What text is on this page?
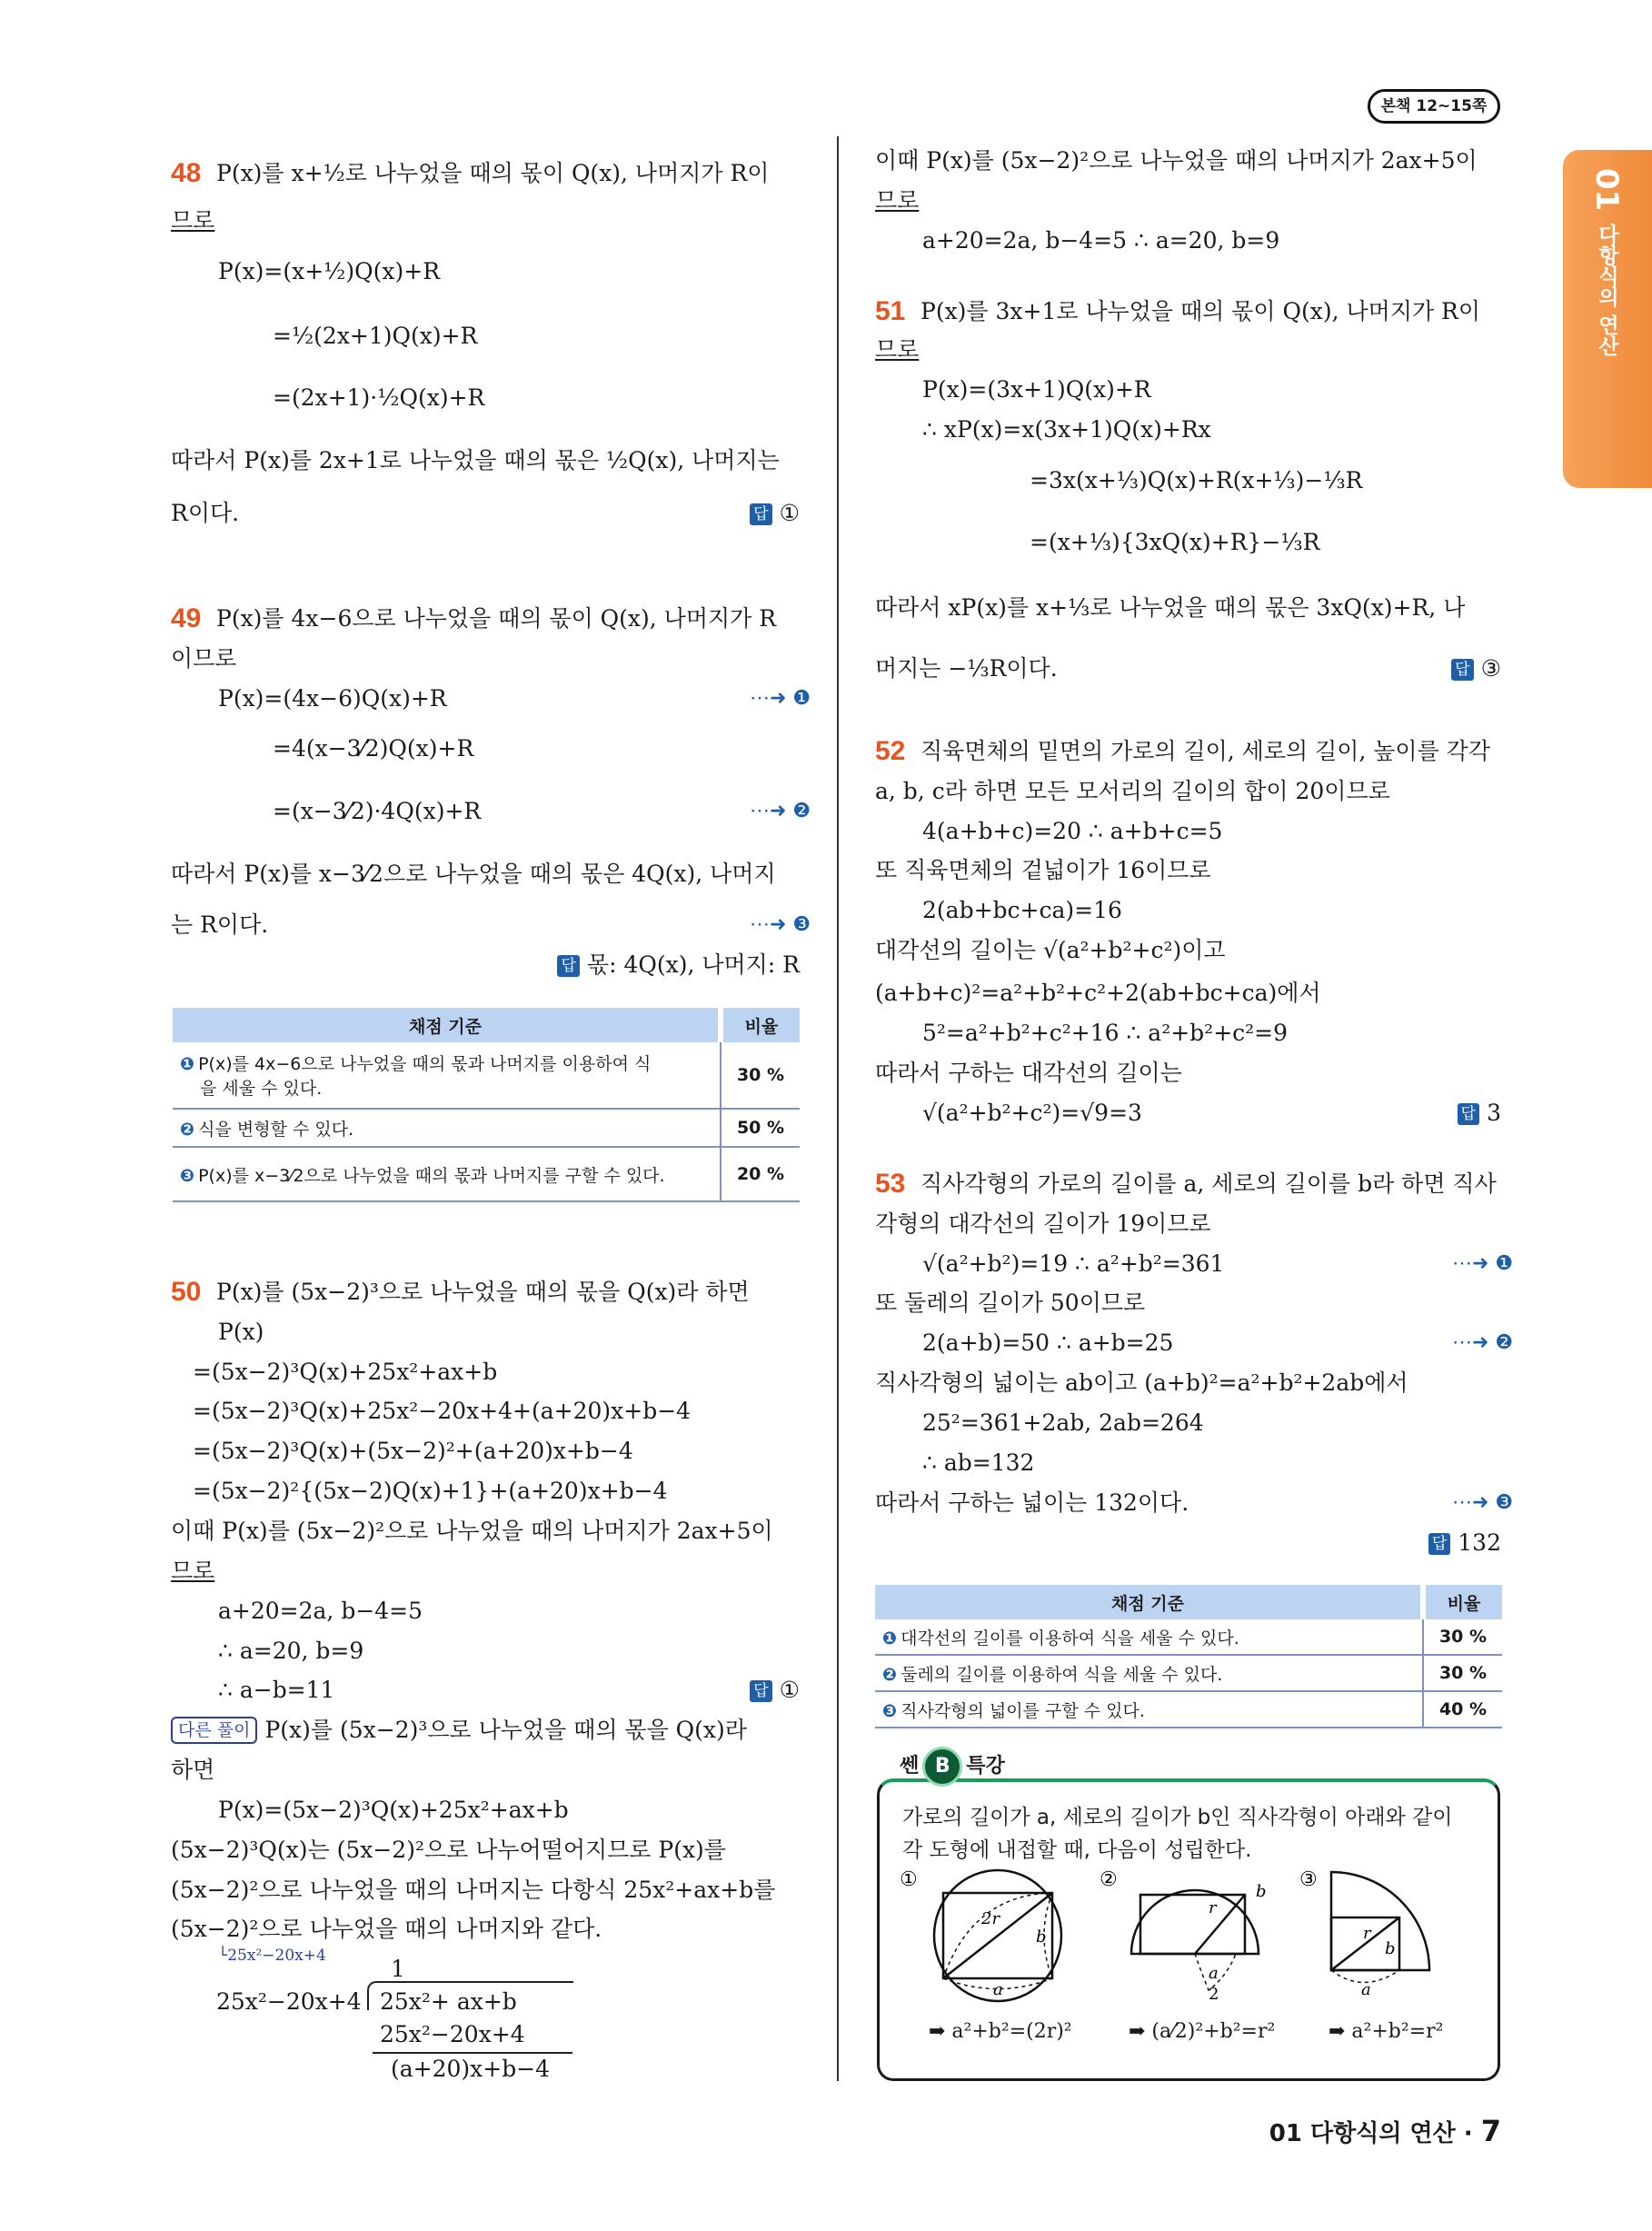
본책 12~15쪽
01다항식의 연산
48 P(x)를 x+½로 나누었을 때의 몫이 Q(x), 나머지가 R이
므로
P(x)=(x+½)Q(x)+R
=½(2x+1)Q(x)+R
=(2x+1)·½Q(x)+R
따라서 P(x)를 2x+1로 나누었을 때의 몫은 ½Q(x), 나머지는
R이다.	답 ①
49 P(x)를 4x−6으로 나누었을 때의 몫이 Q(x), 나머지가 R
이므로
P(x)=(4x−6)Q(x)+R	⋯➜ ❶
=4(x−3⁄2)Q(x)+R
=(x−3⁄2)·4Q(x)+R	⋯➜ ❷
따라서 P(x)를 x−3⁄2으로 나누었을 때의 몫은 4Q(x), 나머지
는 R이다.	⋯➜ ❸
답 몫: 4Q(x), 나머지: R
채점 기준	비율
❶ P(x)를 4x−6으로 나누었을 때의 몫과 나머지를 이용하여 식
을 세울 수 있다.	30 %
❷ 식을 변형할 수 있다.	50 %
❸ P(x)를 x−3⁄2으로 나누었을 때의 몫과 나머지를 구할 수 있다.	20 %
50 P(x)를 (5x−2)³으로 나누었을 때의 몫을 Q(x)라 하면
P(x)
=(5x−2)³Q(x)+25x²+ax+b
=(5x−2)³Q(x)+25x²−20x+4+(a+20)x+b−4
=(5x−2)³Q(x)+(5x−2)²+(a+20)x+b−4
=(5x−2)²{(5x−2)Q(x)+1}+(a+20)x+b−4
이때 P(x)를 (5x−2)²으로 나누었을 때의 나머지가 2ax+5이
므로
a+20=2a, b−4=5
∴ a=20, b=9
∴ a−b=11	답 ①
다른 풀이 P(x)를 (5x−2)³으로 나누었을 때의 몫을 Q(x)라
하면
P(x)=(5x−2)³Q(x)+25x²+ax+b
(5x−2)³Q(x)는 (5x−2)²으로 나누어떨어지므로 P(x)를
(5x−2)²으로 나누었을 때의 나머지는 다항식 25x²+ax+b를
(5x−2)²으로 나누었을 때의 나머지와 같다.
└25x²−20x+4	1
25x²−20x+4 25x²+ ax+b
25x²−20x+4
(a+20)x+b−4
이때 P(x)를 (5x−2)²으로 나누었을 때의 나머지가 2ax+5이
므로
a+20=2a, b−4=5 ∴ a=20, b=9
51 P(x)를 3x+1로 나누었을 때의 몫이 Q(x), 나머지가 R이
므로
P(x)=(3x+1)Q(x)+R
∴ xP(x)=x(3x+1)Q(x)+Rx
=3x(x+⅓)Q(x)+R(x+⅓)−⅓R
=(x+⅓){3xQ(x)+R}−⅓R
따라서 xP(x)를 x+⅓로 나누었을 때의 몫은 3xQ(x)+R, 나
머지는 −⅓R이다.	답 ③
52 직육면체의 밑면의 가로의 길이, 세로의 길이, 높이를 각각
a, b, c라 하면 모든 모서리의 길이의 합이 20이므로
4(a+b+c)=20 ∴ a+b+c=5
또 직육면체의 겉넓이가 16이므로
2(ab+bc+ca)=16
대각선의 길이는 √(a²+b²+c²)이고
(a+b+c)²=a²+b²+c²+2(ab+bc+ca)에서
5²=a²+b²+c²+16 ∴ a²+b²+c²=9
따라서 구하는 대각선의 길이는
√(a²+b²+c²)=√9=3	답 3
53 직사각형의 가로의 길이를 a, 세로의 길이를 b라 하면 직사
각형의 대각선의 길이가 19이므로
√(a²+b²)=19 ∴ a²+b²=361	⋯➜ ❶
또 둘레의 길이가 50이므로
2(a+b)=50 ∴ a+b=25	⋯➜ ❷
직사각형의 넓이는 ab이고 (a+b)²=a²+b²+2ab에서
25²=361+2ab, 2ab=264
∴ ab=132
따라서 구하는 넓이는 132이다.	⋯➜ ❸
답 132
채점 기준	비율
❶ 대각선의 길이를 이용하여 식을 세울 수 있다.	30 %
❷ 둘레의 길이를 이용하여 식을 세울 수 있다.	30 %
❸ 직사각형의 넓이를 구할 수 있다.	40 %
쎈 B 특강
가로의 길이가 a, 세로의 길이가 b인 직사각형이 아래와 같이
각 도형에 내접할 때, 다음이 성립한다.
①
2r
b
a
②
r
b
a
2
③
r
b
a
➡ a²+b²=(2r)²	➡ (a⁄2)²+b²=r²	➡ a²+b²=r²
01 다항식의 연산 · 7
